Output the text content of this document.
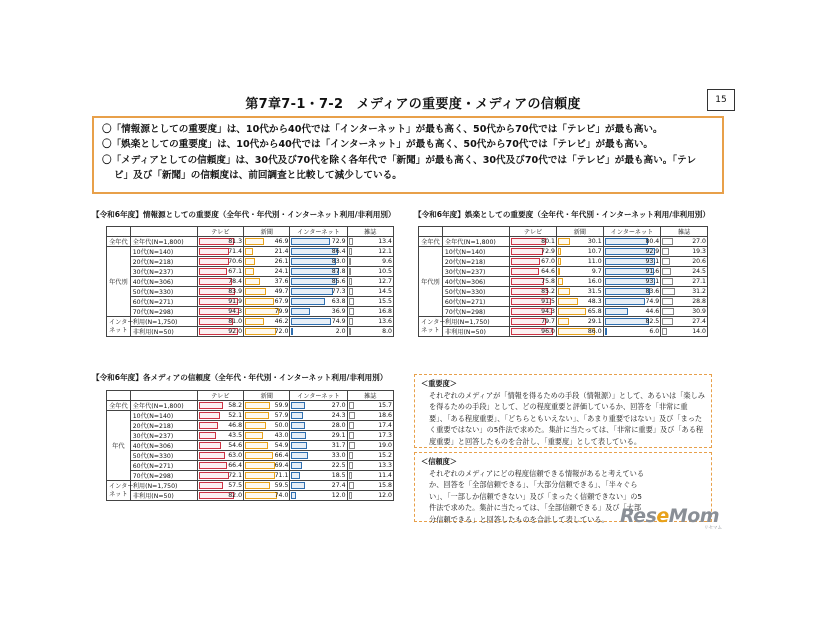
第7章7-1・7-2　メディアの重要度・メディアの信頼度	15
〇「情報源としての重要度」は、10代から40代では「インターネット」が最も高く、50代から70代では「テレビ」が最も高い。
〇「娯楽としての重要度」は、10代から40代では「インターネット」が最も高く、50代から70代では「テレビ」が最も高い。
〇「メディアとしての信頼度」は、30代及び70代を除く各年代で「新聞」が最も高く、30代及び70代では「テレビ」が最も高い。「テレ
ビ」及び「新聞」の信頼度は、前回調査と比較して減少している。
【令和6年度】情報源としての重要度（全年代・年代別・インターネット利用/非利用別） 【令和6年度】娯楽としての重要度（全年代・年代別・インターネット利用/非利用別）
【令和6年度】各メディアの信頼度（全年代・年代別・インターネット利用/非利用別）
		テレビ	新聞	インターネット	雑誌
全年代	全年代(N=1,800)	81.3	46.9	72.9	13.4
年代別	10代(N=140)	71.4	21.4	86.4	12.1
	20代(N=218)	70.6	26.1	83.0	9.6
	30代(N=237)	67.1	24.1	87.8	10.5
	40代(N=306)	78.4	37.6	85.6	12.7
	50代(N=330)	83.9	49.7	77.3	14.5
	60代(N=271)	91.9	67.9	63.8	15.5
	70代(N=298)	94.3	79.9	36.9	16.8
インター
ネット	利用(N=1,750)	81.0	46.2	74.9	13.6
	非利用(N=50)	92.0	72.0	2.0	8.0
		テレビ	新聞	インターネット	雑誌
全年代	全年代(N=1,800)	80.1	30.1	80.4	27.0
年代別	10代(N=140)	72.9	10.7	92.9	19.3
	20代(N=218)	67.0	11.0	93.1	20.6
	30代(N=237)	64.6	9.7	91.6	24.5
	40代(N=306)	75.8	16.0	93.1	27.1
	50代(N=330)	85.2	31.5	83.6	31.2
	60代(N=271)	91.5	48.3	74.9	28.8
	70代(N=298)	94.3	65.8	44.6	30.9
インター
ネット	利用(N=1,750)	79.7	29.1	82.5	27.4
	非利用(N=50)	96.0	86.0	6.0	14.0
		テレビ	新聞	インターネット	雑誌
全年代	全年代(N=1,800)	58.2	59.9	27.0	15.7
年代	10代(N=140)	52.1	57.9	24.3	18.6
	20代(N=218)	46.8	50.0	28.0	17.4
	30代(N=237)	43.5	43.0	29.1	17.3
	40代(N=306)	54.6	54.9	31.7	19.0
	50代(N=330)	63.0	66.4	33.0	15.2
	60代(N=271)	66.4	69.4	22.5	13.3
	70代(N=298)	72.1	71.1	18.5	11.4
インター
ネット	利用(N=1,750)	57.5	59.5	27.4	15.8
	非利用(N=50)	82.0	74.0	12.0	12.0
＜重要度＞
それぞれのメディアが「情報を得るための手段（情報源）」として、あるいは「楽しみを得るための手段」として、どの程度重要と評価しているか、回答を「非常に重要」、「ある程度重要」、「どちらともいえない」、「あまり重要ではない」及び「まったく重要ではない」の5件法で求めた。集計に当たっては、「非常に重要」及び「ある程度重要」と回答したものを合計し、「重要度」として表している。
＜信頼度＞
それぞれのメディアにどの程度信頼できる情報があると考えているか、回答を「全部信頼できる」、「大部分信頼できる」、「半々ぐらい」、「一部しか信頼できない」及び「まったく信頼できない」の5件法で求めた。集計に当たっては、「全部信頼できる」及び「大部分信頼できる」と回答したものを合計して表している。 ReseMom
リセマム
